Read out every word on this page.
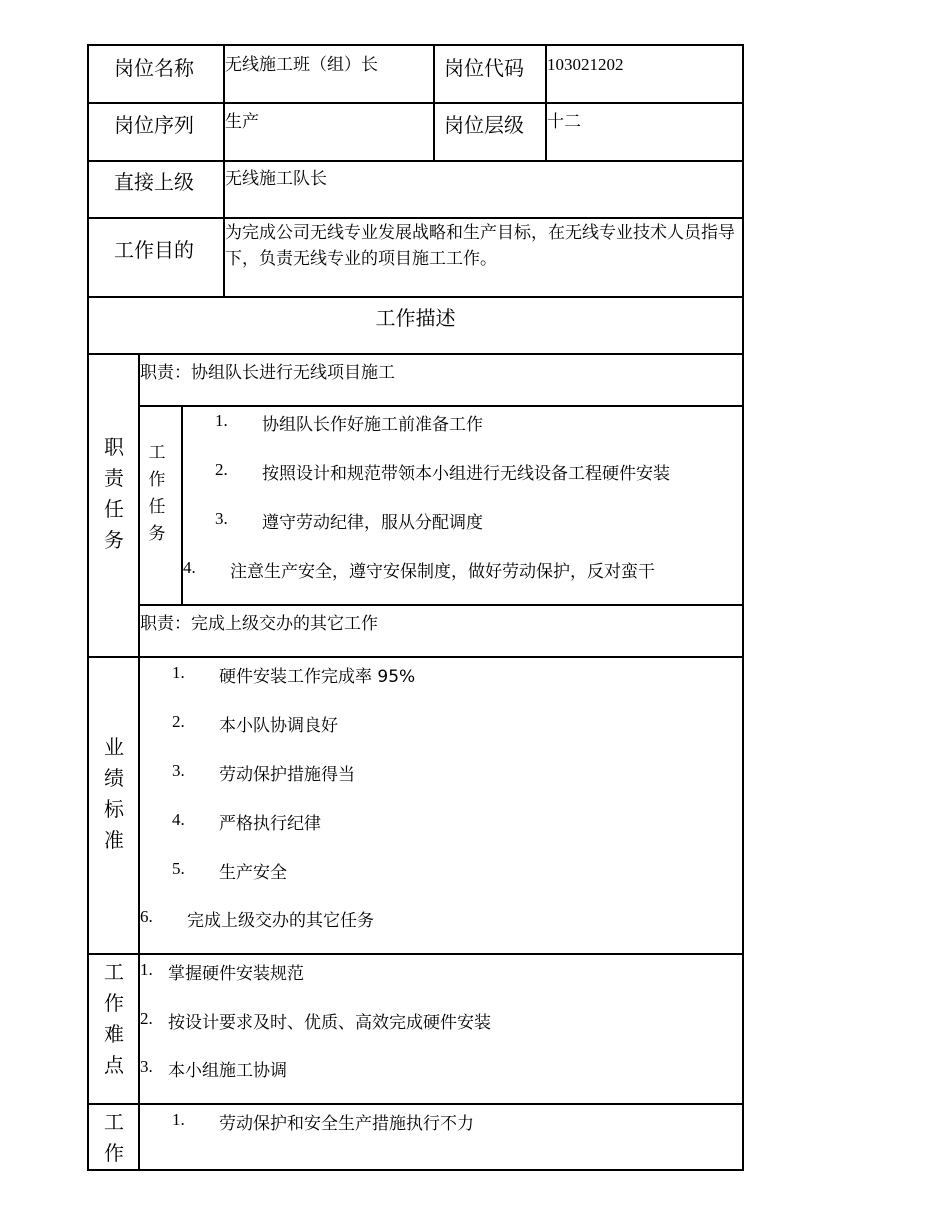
岗位名称 无线施工班（组）长	岗位代码 103021202
岗位序列 生产	岗位层级 十二
直接上级 无线施工队长
工作目的
为完成公司无线专业发展战略和生产目标，在无线专业技术人员指导下，负责无线专业的项目施工工作。
工作描述
职
责
任
务
职责：协组队长进行无线项目施工
工
作
任
务
1. 协组队长作好施工前准备工作
2. 按照设计和规范带领本小组进行无线设备工程硬件安装
3. 遵守劳动纪律，服从分配调度
4. 注意生产安全，遵守安保制度，做好劳动保护，反对蛮干
职责：完成上级交办的其它工作
业
绩
标
准
1. 硬件安装工作完成率 95%
2. 本小队协调良好
3. 劳动保护措施得当
4. 严格执行纪律
5. 生产安全
6. 完成上级交办的其它任务
工
作
难
点
1. 掌握硬件安装规范
2. 按设计要求及时、优质、高效完成硬件安装
3. 本小组施工协调
工
作
1. 劳动保护和安全生产措施执行不力
